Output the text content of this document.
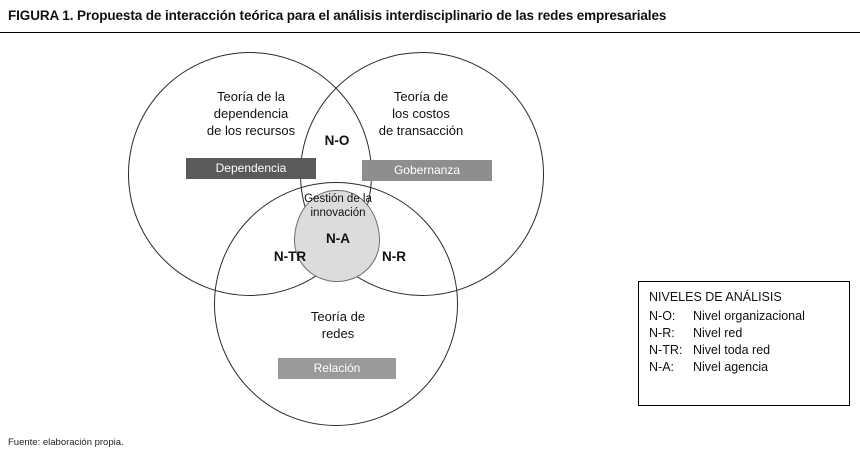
FIGURA 1. Propuesta de interacción teórica para el análisis interdisciplinario de las redes empresariales
Teoría de la
dependencia
de los recursos
Teoría de
los costos
de transacción
Teoría de
redes
N-O
N-TR	N-R
Gestión de la
innovación
N-A
Dependencia	Gobernanza
Relación
NIVELES DE ANÁLISIS
N-O:	Nivel organizacional
N-R:	Nivel red
N-TR: Nivel toda red
N-A:	Nivel agencia
Fuente: elaboración propia.
